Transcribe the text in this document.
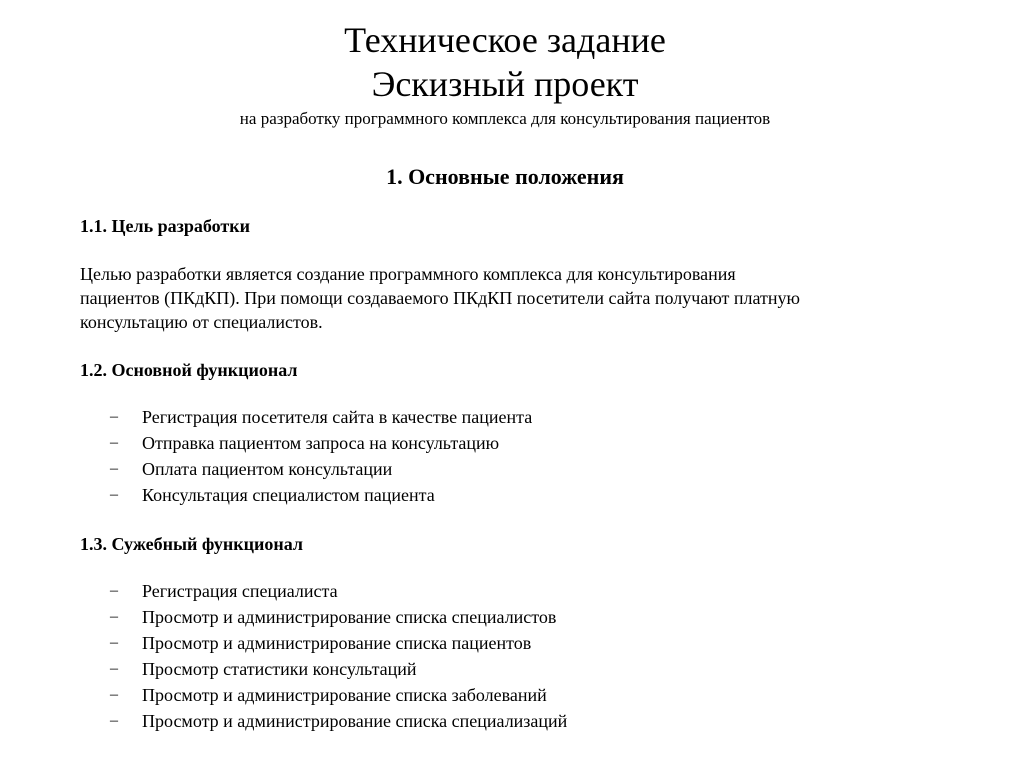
Техническое задание
Эскизный проект

на разработку программного комплекса для консультирования пациентов

1. Основные положения

1.1. Цель разработки

Целью разработки является создание программного комплекса для консультирования

пациентов (ПКдКП). При помощи создаваемого ПКдКП посетители сайта получают платную

консультацию от специалистов.

1.2. Основной функционал

– Регистрация посетителя сайта в качестве пациента
– Отправка пациентом запроса на консультацию
– Оплата пациентом консультации
– Консультация специалистом пациента

1.3. Сужебный функционал

– Регистрация специалиста
– Просмотр и администрирование списка специалистов
– Просмотр и администрирование списка пациентов
– Просмотр статистики консультаций
– Просмотр и администрирование списка заболеваний
– Просмотр и администрирование списка специализаций
